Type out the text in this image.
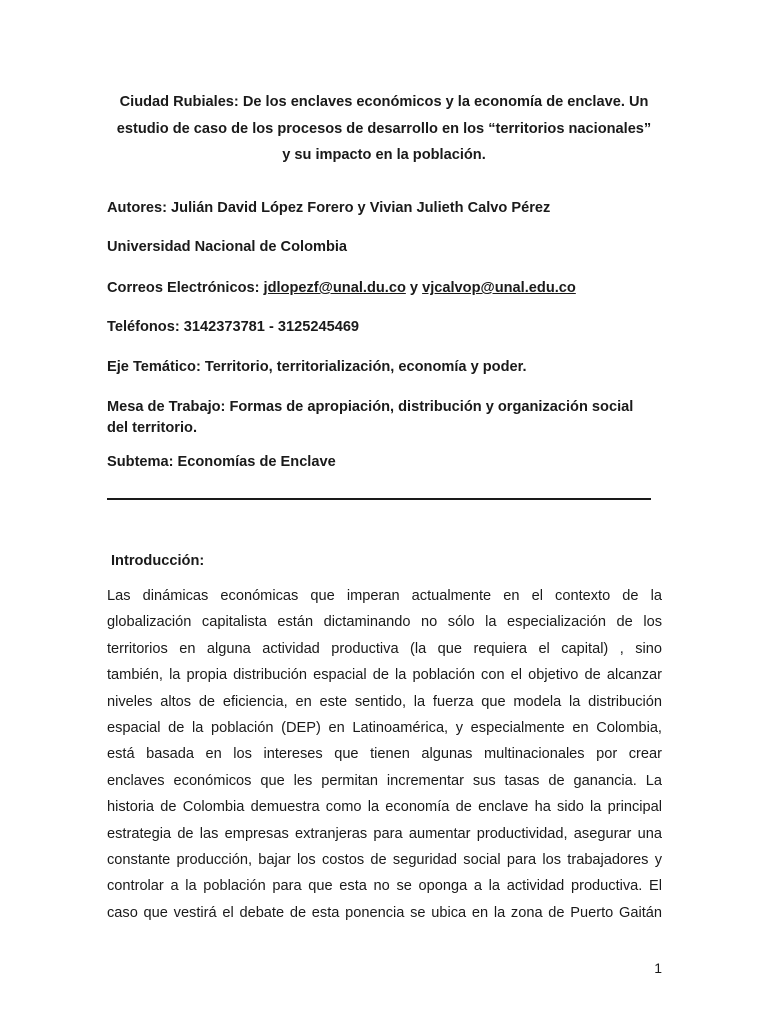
Ciudad Rubiales: De los enclaves económicos y la economía de enclave. Un
estudio de caso de los procesos de desarrollo en los “territorios nacionales”
y su impacto en la población.
Autores: Julián David López Forero y Vivian Julieth Calvo Pérez
Universidad Nacional de Colombia
Correos Electrónicos: jdlopezf@unal.du.co y vjcalvop@unal.edu.co
Teléfonos: 3142373781 - 3125245469
Eje Temático: Territorio, territorialización, economía y poder.
Mesa de Trabajo: Formas de apropiación, distribución y organización social
del territorio.
Subtema: Economías de Enclave
Introducción:
Las dinámicas económicas que imperan actualmente en el contexto de la
globalización capitalista están dictaminando no sólo la especialización de los
territorios en alguna actividad productiva (la que requiera el capital) , sino
también, la propia distribución espacial de la población con el objetivo de alcanzar
niveles altos de eficiencia, en este sentido, la fuerza que modela la distribución
espacial de la población (DEP) en Latinoamérica, y especialmente en Colombia,
está basada en los intereses que tienen algunas multinacionales por crear
enclaves económicos que les permitan incrementar sus tasas de ganancia. La
historia de Colombia demuestra como la economía de enclave ha sido la principal
estrategia de las empresas extranjeras para aumentar productividad, asegurar una
constante producción, bajar los costos de seguridad social para los trabajadores y
controlar a la población para que esta no se oponga a la actividad productiva. El
caso que vestirá el debate de esta ponencia se ubica en la zona de Puerto Gaitán
1
